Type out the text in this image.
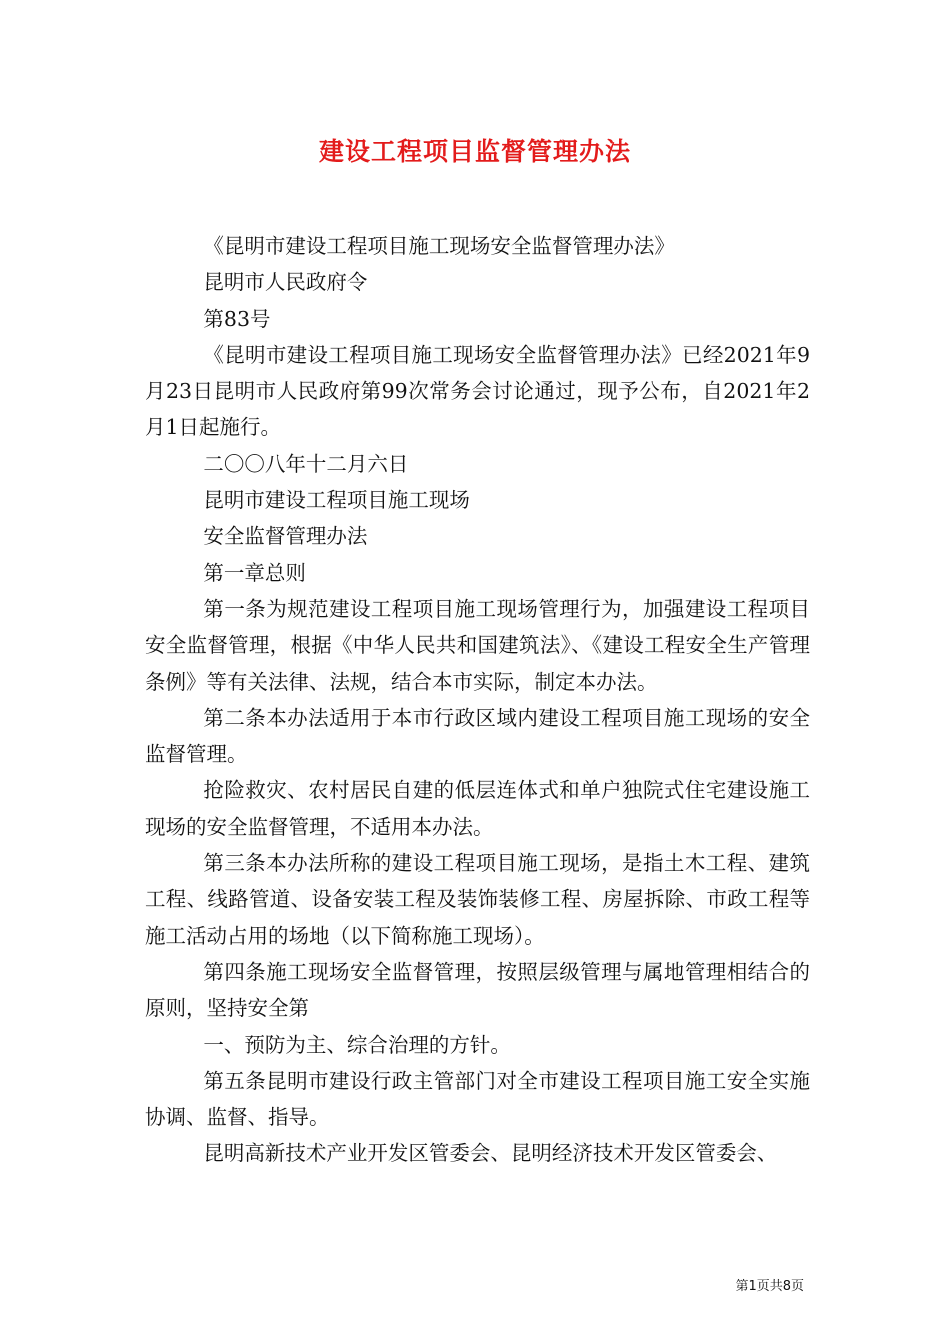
建设工程项目监督管理办法

《昆明市建设工程项目施工现场安全监督管理办法》

昆明市人民政府令

第83号

《昆明市建设工程项目施工现场安全监督管理办法》已经2021年9月23日昆明市人民政府第99次常务会讨论通过，现予公布，自2021年2月1日起施行。

二〇〇八年十二月六日

昆明市建设工程项目施工现场

安全监督管理办法

第一章总则

第一条为规范建设工程项目施工现场管理行为，加强建设工程项目安全监督管理，根据《中华人民共和国建筑法》、《建设工程安全生产管理条例》等有关法律、法规，结合本市实际，制定本办法。

第二条本办法适用于本市行政区域内建设工程项目施工现场的安全监督管理。

抢险救灾、农村居民自建的低层连体式和单户独院式住宅建设施工现场的安全监督管理，不适用本办法。

第三条本办法所称的建设工程项目施工现场，是指土木工程、建筑工程、线路管道、设备安装工程及装饰装修工程、房屋拆除、市政工程等施工活动占用的场地（以下简称施工现场）。

第四条施工现场安全监督管理，按照层级管理与属地管理相结合的原则，坚持安全第

一、预防为主、综合治理的方针。

第五条昆明市建设行政主管部门对全市建设工程项目施工安全实施协调、监督、指导。

昆明高新技术产业开发区管委会、昆明经济技术开发区管委会、

第1页共8页
